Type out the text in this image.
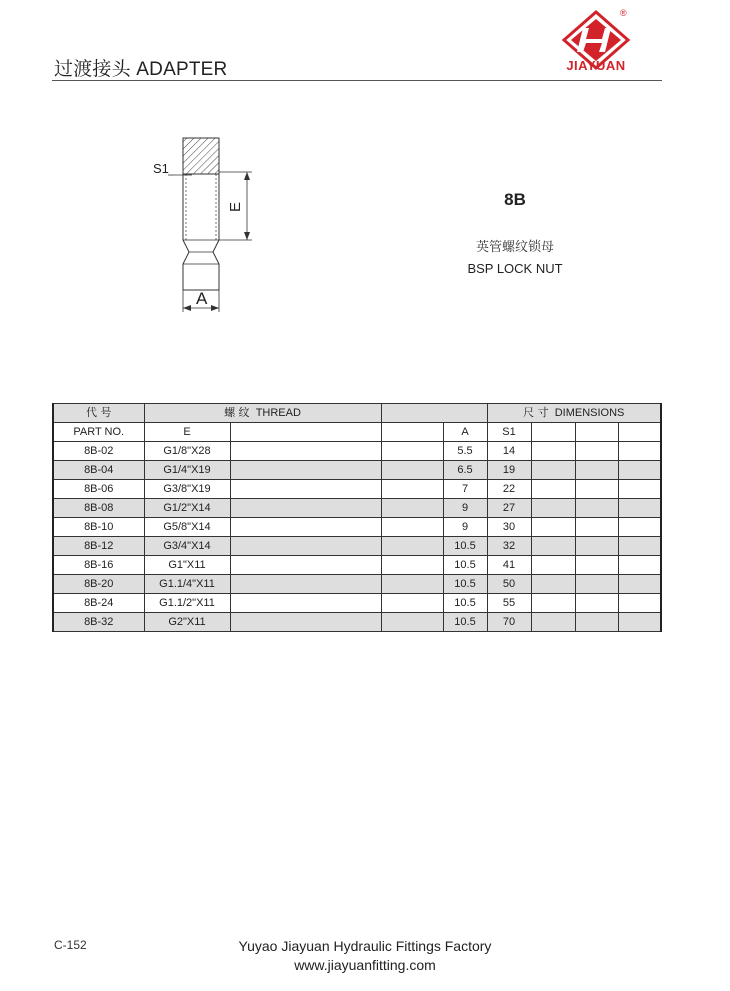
过渡接头 ADAPTER
®
JIAYUAN
S1
E
A
8B
英管螺纹锁母
BSP LOCK NUT
代 号	螺 纹 THREAD				尺 寸 DIMENSIONS			
PART NO.	E			A	S1			
8B-02	G1/8"X28			5.5	14			
8B-04	G1/4"X19			6.5	19			
8B-06	G3/8"X19			7	22			
8B-08	G1/2"X14			9	27			
8B-10	G5/8"X14			9	30			
8B-12	G3/4"X14			10.5	32			
8B-16	G1"X11			10.5	41			
8B-20	G1.1/4"X11			10.5	50			
8B-24	G1.1/2"X11			10.5	55			
8B-32	G2"X11			10.5	70			
C-152	Yuyao Jiayuan Hydraulic Fittings Factory
www.jiayuanfitting.com
